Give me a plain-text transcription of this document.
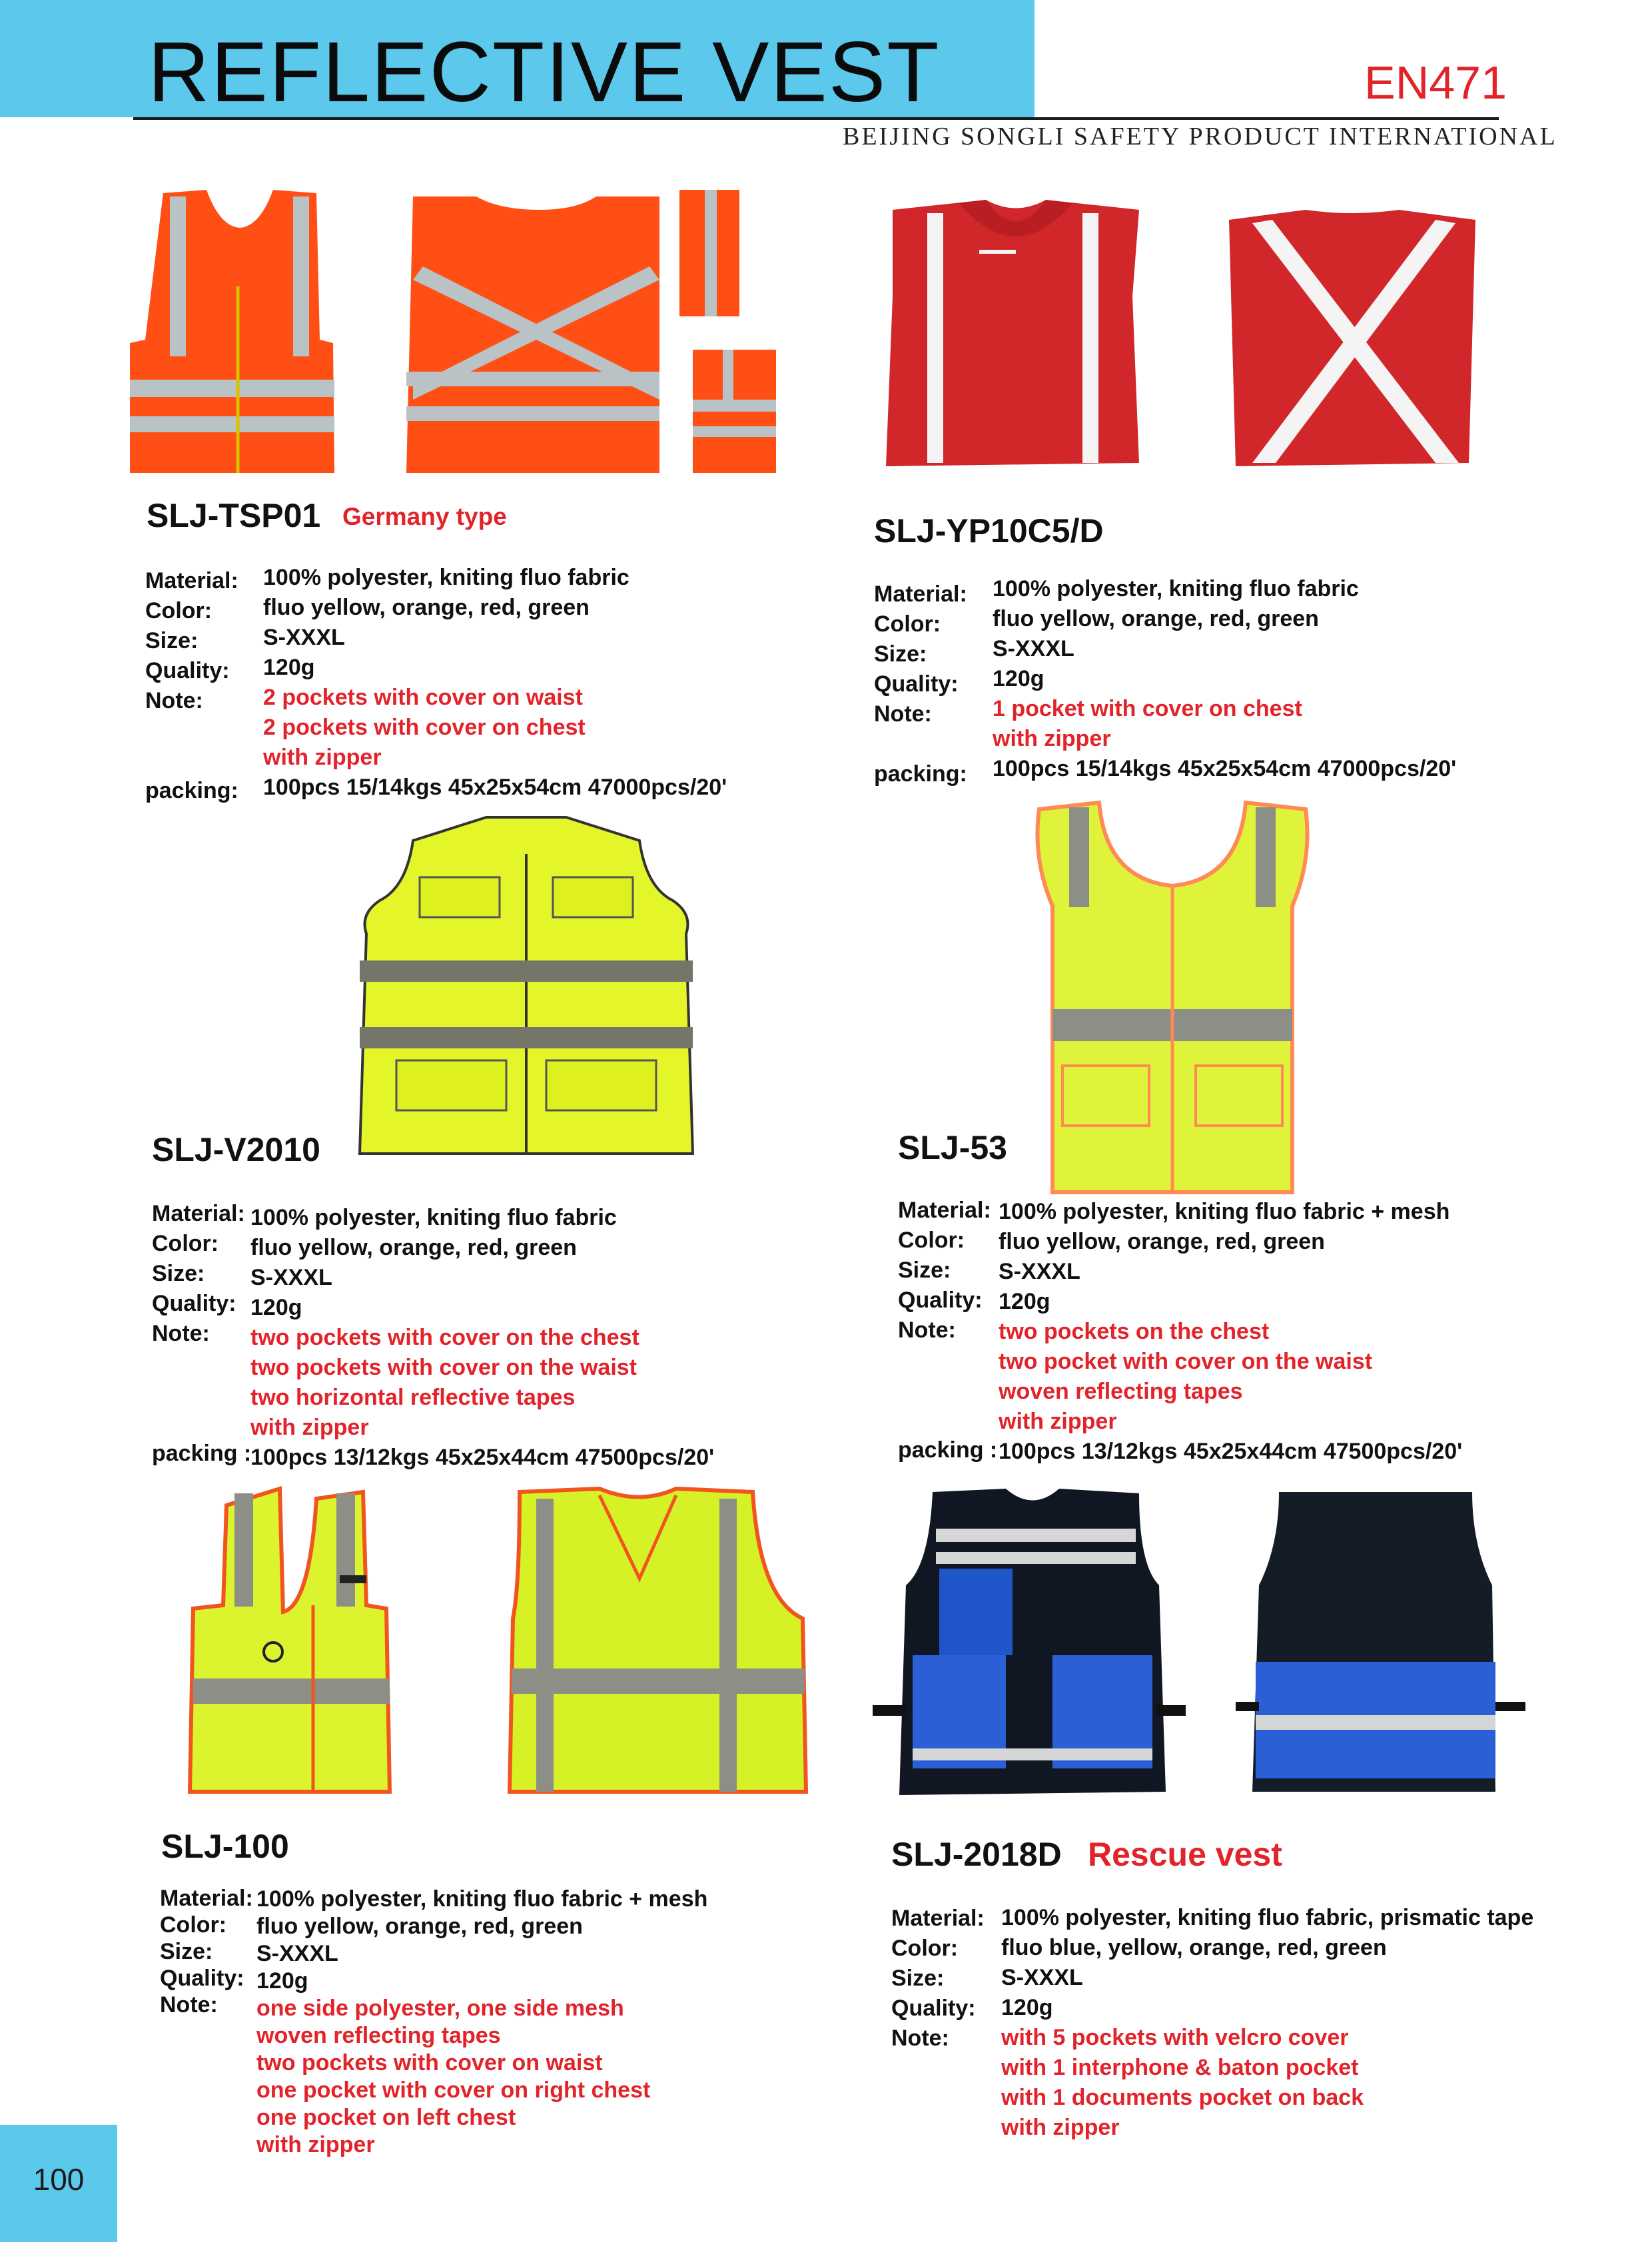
REFLECTIVE VEST	EN471
BEIJING SONGLI SAFETY PRODUCT INTERNATIONAL
SLJ-TSP01 Germany type
Material:
Color:
Size:
Quality:
Note:
packing:
100% polyester, kniting fluo fabric
fluo yellow, orange, red, green
S-XXXL
120g
2 pockets with cover on waist
2 pockets with cover on chest
with zipper
100pcs 15/14kgs 45x25x54cm 47000pcs/20'
SLJ-YP10C5/D
Material:
Color:
Size:
Quality:
Note:
packing:
100% polyester, kniting fluo fabric
fluo yellow, orange, red, green
S-XXXL
120g
1 pocket with cover on chest
with zipper
100pcs 15/14kgs 45x25x54cm 47000pcs/20'
SLJ-V2010
Material:
Color:
Size:
Quality:
Note:
packing :
100% polyester, kniting fluo fabric
fluo yellow, orange, red, green
S-XXXL
120g
two pockets with cover on the chest
two pockets with cover on the waist
two horizontal reflective tapes
with zipper
100pcs 13/12kgs 45x25x44cm 47500pcs/20'
SLJ-53
Material:
Color:
Size:
Quality:
Note:
packing :
100% polyester, kniting fluo fabric + mesh
fluo yellow, orange, red, green
S-XXXL
120g
two pockets on the chest
two pocket with cover on the waist
woven reflecting tapes
with zipper
100pcs 13/12kgs 45x25x44cm 47500pcs/20'
SLJ-100
Material:
Color:
Size:
Quality:
Note:
100% polyester, kniting fluo fabric + mesh
fluo yellow, orange, red, green
S-XXXL
120g
one side polyester, one side mesh
woven reflecting tapes
two pockets with cover on waist
one pocket with cover on right chest
one pocket on left chest
with zipper
SLJ-2018D Rescue vest
Material:
Color:
Size:
Quality:
Note:
100% polyester, kniting fluo fabric, prismatic tape
fluo blue, yellow, orange, red, green
S-XXXL
120g
with 5 pockets with velcro cover
with 1 interphone & baton pocket
with 1 documents pocket on back
with zipper
100
